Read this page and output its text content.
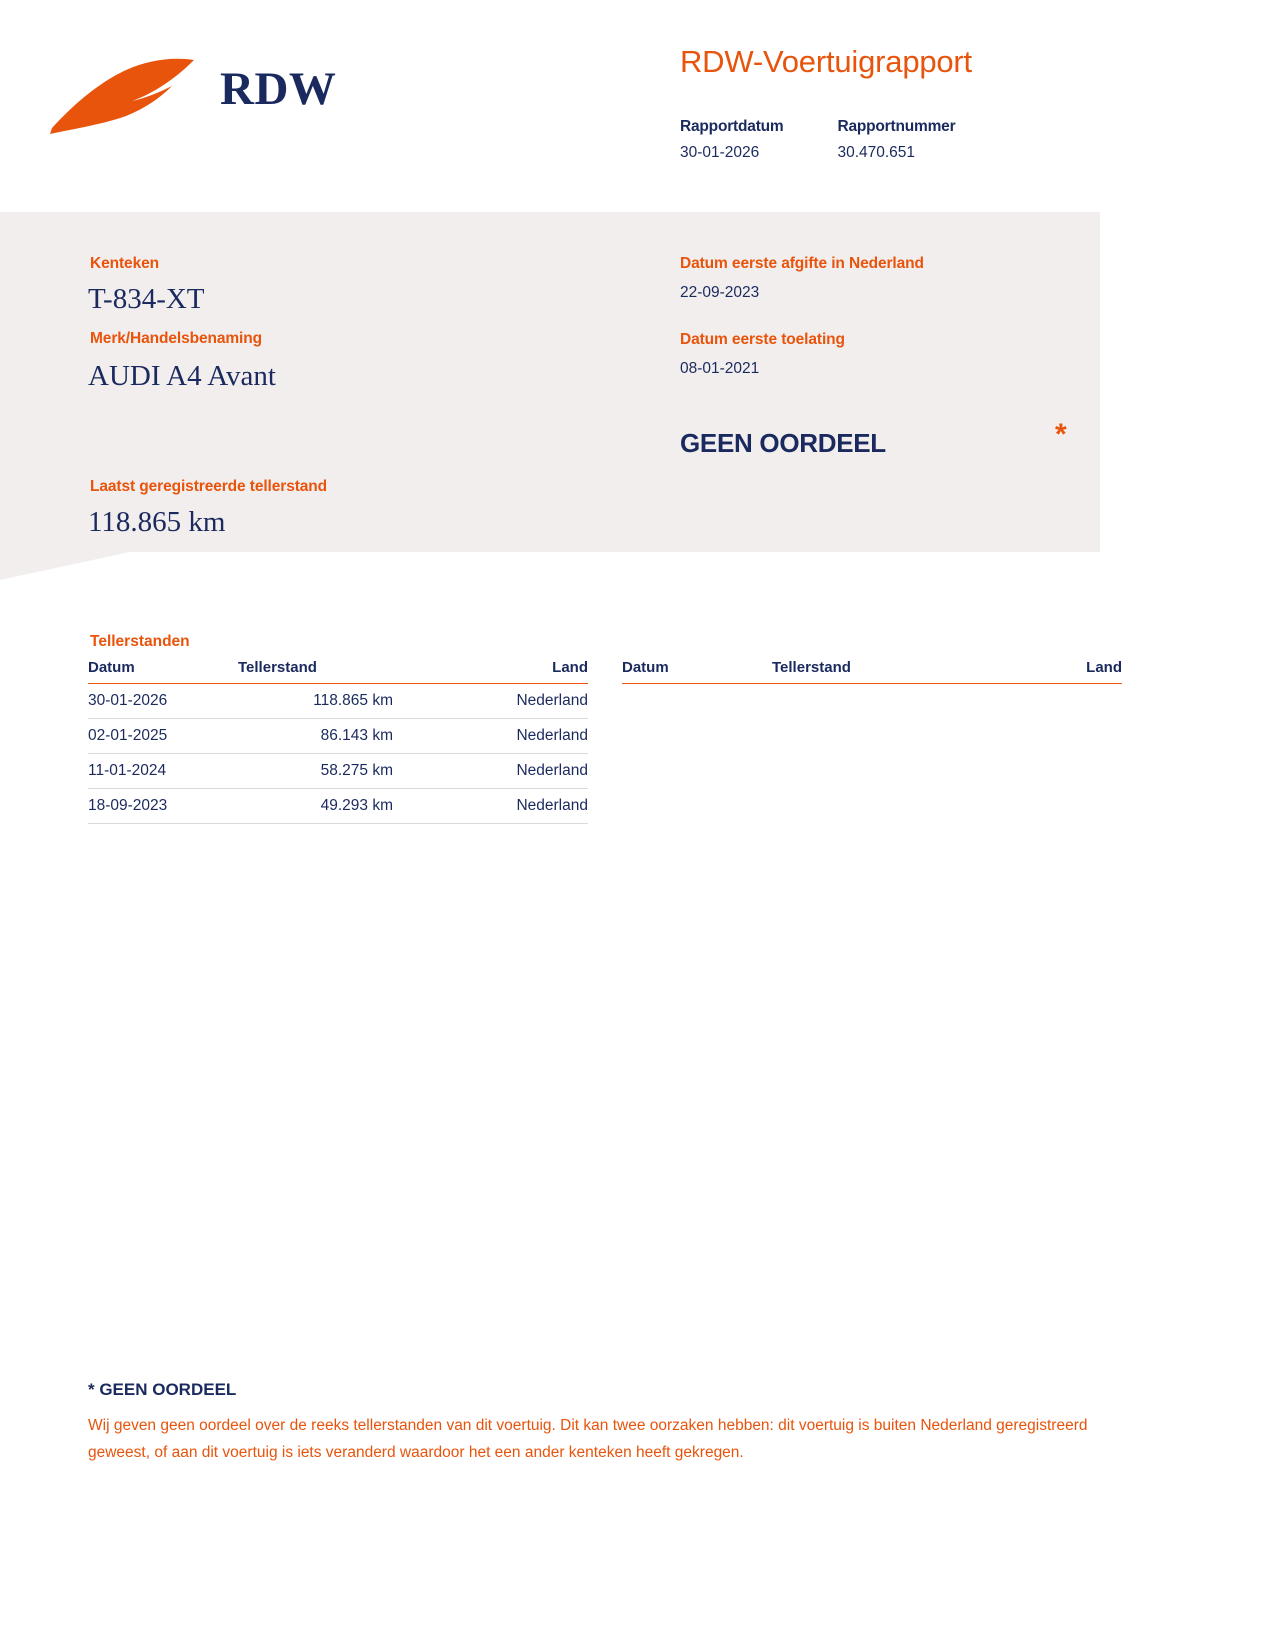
RDW
RDW-Voertuigrapport
Rapportdatum
30-01-2026

Rapportnummer
30.470.651
Kenteken
T-834-XT
Merk/Handelsbenaming
AUDI A4 Avant
Laatst geregistreerde tellerstand
118.865 km
Datum eerste afgifte in Nederland
22-09-2023
Datum eerste toelating
08-01-2021
GEEN OORDEEL	*
Tellerstanden
Datum	Tellerstand	Land
30-01-2026	118.865 km	Nederland
02-01-2025	86.143 km	Nederland
11-01-2024	58.275 km	Nederland
18-09-2023	49.293 km	Nederland
Datum	Tellerstand	Land
* GEEN OORDEEL
Wij geven geen oordeel over de reeks tellerstanden van dit voertuig. Dit kan twee oorzaken hebben: dit voertuig is buiten Nederland geregistreerd geweest, of aan dit voertuig is iets veranderd waardoor het een ander kenteken heeft gekregen.
